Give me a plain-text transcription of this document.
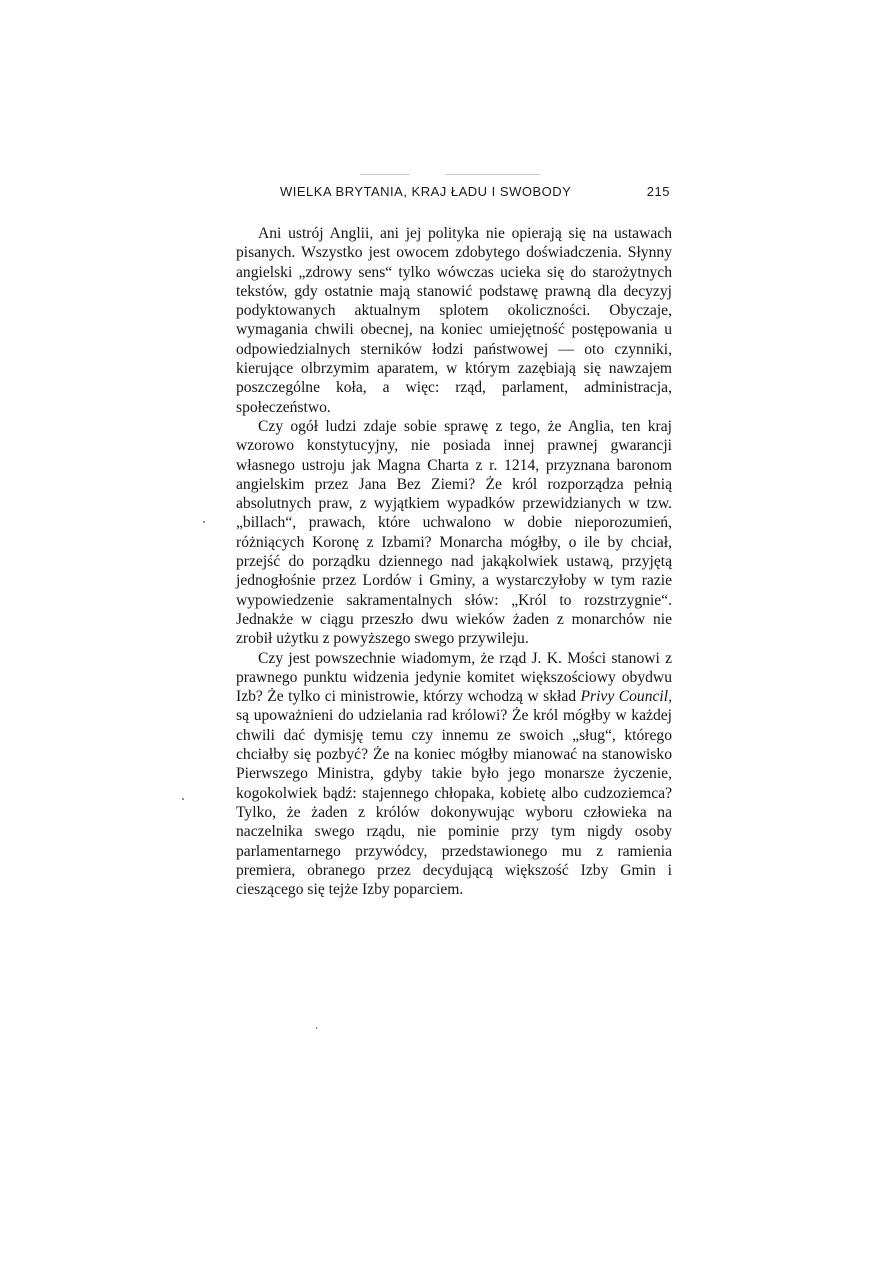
WIELKA BRYTANIA, KRAJ ŁADU I SWOBODY	215

Ani ustrój Anglii, ani jej polityka nie opierają się na ustawach pisanych. Wszystko jest owocem zdobytego doświadczenia. Słynny angielski „zdrowy sens“ tylko wówczas ucieka się do starożytnych tekstów, gdy ostatnie mają stanowić podstawę prawną dla decyzyj podyktowanych aktualnym splotem okoliczności. Obyczaje, wymagania chwili obecnej, na koniec umiejętność postępowania u odpowiedzialnych sterników łodzi państwowej — oto czynniki, kierujące olbrzymim aparatem, w którym zazębiają się nawzajem poszczególne koła, a więc: rząd, parlament, administracja, społeczeństwo.

Czy ogół ludzi zdaje sobie sprawę z tego, że Anglia, ten kraj wzorowo konstytucyjny, nie posiada innej prawnej gwarancji własnego ustroju jak Magna Charta z r. 1214, przyznana baronom angielskim przez Jana Bez Ziemi? Że król rozporządza pełnią absolutnych praw, z wyjątkiem wypadków przewidzianych w tzw. „billach“, prawach, które uchwalono w dobie nieporozumień, różniących Koronę z Izbami? Monarcha mógłby, o ile by chciał, przejść do porządku dziennego nad jakąkolwiek ustawą, przyjętą jednogłośnie przez Lordów i Gminy, a wystarczyłoby w tym razie wypowiedzenie sakramentalnych słów: „Król to rozstrzygnie“. Jednakże w ciągu przeszło dwu wieków żaden z monarchów nie zrobił użytku z powyższego swego przywileju.

Czy jest powszechnie wiadomym, że rząd J. K. Mości stanowi z prawnego punktu widzenia jedynie komitet większościowy obydwu Izb? Że tylko ci ministrowie, którzy wchodzą w skład Privy Council, są upoważnieni do udzielania rad królowi? Że król mógłby w każdej chwili dać dymisję temu czy innemu ze swoich „sług“, którego chciałby się pozbyć? Że na koniec mógłby mianować na stanowisko Pierwszego Ministra, gdyby takie było jego monarsze życzenie, kogokolwiek bądź: stajennego chłopaka, kobietę albo cudzoziemca? Tylko, że żaden z królów dokonywując wyboru człowieka na naczelnika swego rządu, nie pominie przy tym nigdy osoby parlamentarnego przywódcy, przedstawionego mu z ramienia premiera, obranego przez decydującą większość Izby Gmin i cieszącego się tejże Izby poparciem.
